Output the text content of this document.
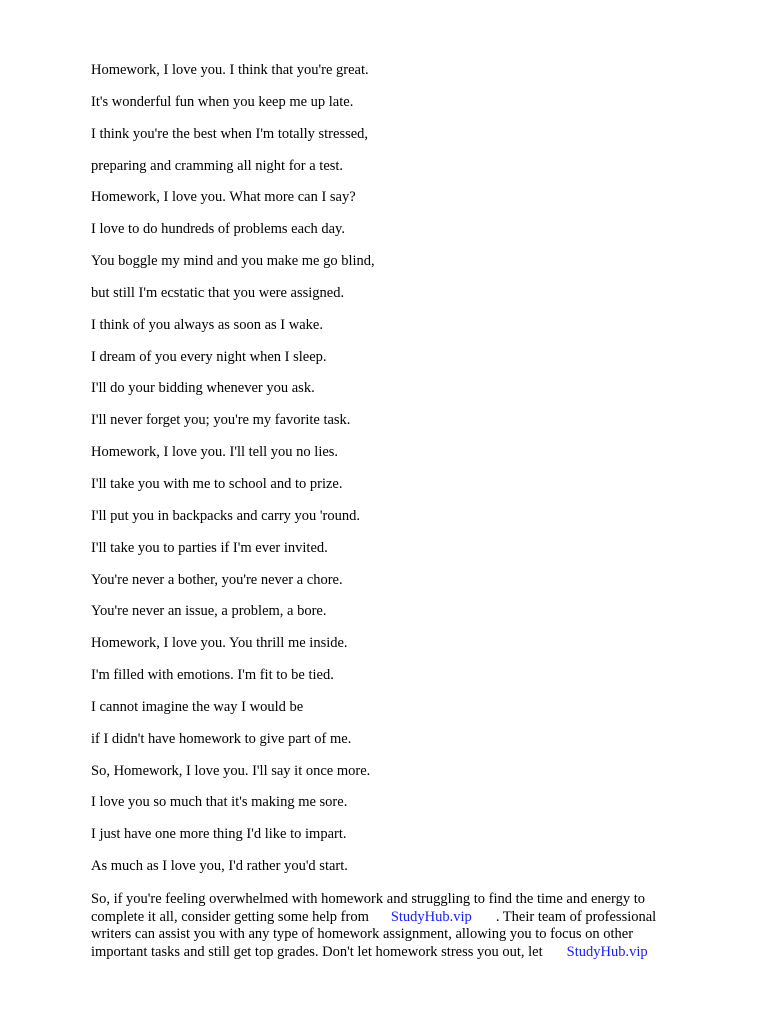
Homework, I love you. I think that you're great.
It's wonderful fun when you keep me up late.
I think you're the best when I'm totally stressed,
preparing and cramming all night for a test.
Homework, I love you. What more can I say?
I love to do hundreds of problems each day.
You boggle my mind and you make me go blind,
but still I'm ecstatic that you were assigned.
I think of you always as soon as I wake.
I dream of you every night when I sleep.
I'll do your bidding whenever you ask.
I'll never forget you; you're my favorite task.
Homework, I love you. I'll tell you no lies.
I'll take you with me to school and to prize.
I'll put you in backpacks and carry you 'round.
I'll take you to parties if I'm ever invited.
You're never a bother, you're never a chore.
You're never an issue, a problem, a bore.
Homework, I love you. You thrill me inside.
I'm filled with emotions. I'm fit to be tied.
I cannot imagine the way I would be
if I didn't have homework to give part of me.
So, Homework, I love you. I'll say it once more.
I love you so much that it's making me sore.
I just have one more thing I'd like to impart.
As much as I love you, I'd rather you'd start.
So, if you're feeling overwhelmed with homework and struggling to find the time and energy to
complete it all, consider getting some help from StudyHub.vip . Their team of professional
writers can assist you with any type of homework assignment, allowing you to focus on other
important tasks and still get top grades. Don't let homework stress you out, let StudyHub.vip
